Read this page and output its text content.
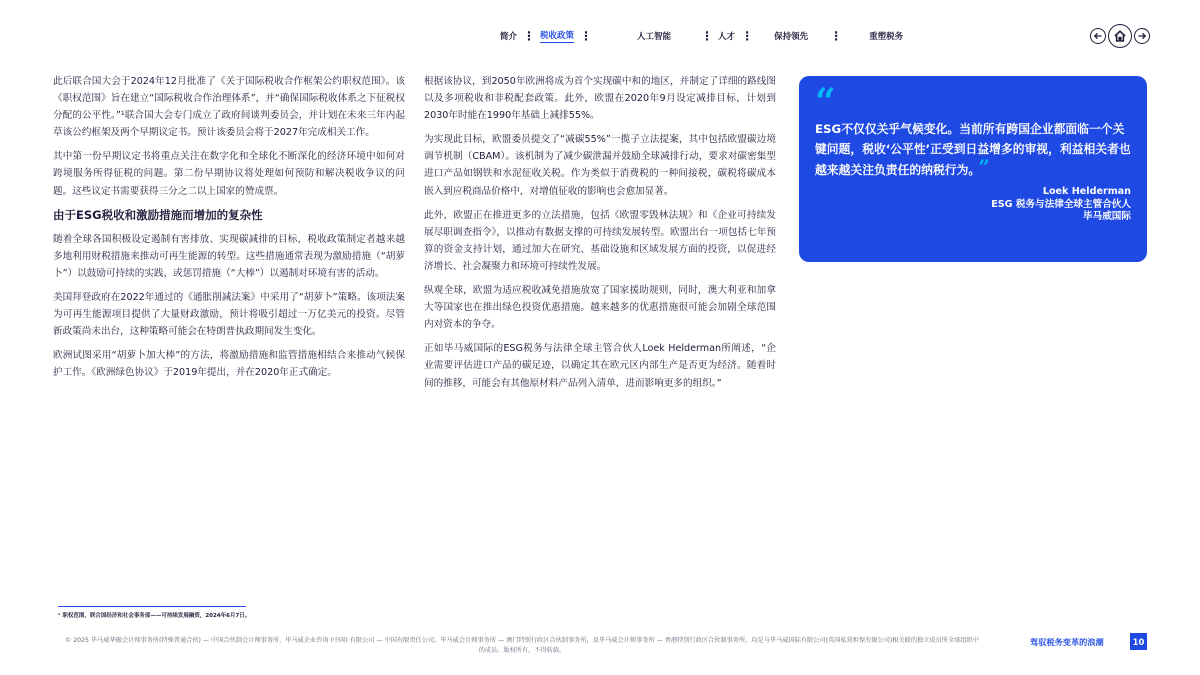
简介 ⋮ 税收政策 ⋮	人工智能	⋮ 人才 ⋮	保持领先 ⋮	重塑税务

此后联合国大会于2024年12月批准了《关于国际税收合作框架公约职权范围》。该《职权范围》旨在建立“国际税收合作治理体系”，并“确保国际税收体系之下征税权分配的公平性。”¹联合国大会专门成立了政府间谈判委员会，并计划在未来三年内起草该公约框架及两个早期议定书。预计该委员会将于2027年完成相关工作。

其中第一份早期议定书将重点关注在数字化和全球化不断深化的经济环境中如何对跨境服务所得征税的问题。第二份早期协议将处理如何预防和解决税收争议的问题。这些议定书需要获得三分之二以上国家的赞成票。

由于ESG税收和激励措施而增加的复杂性

随着全球各国积极设定遏制有害排放、实现碳减排的目标，税收政策制定者越来越多地利用财税措施来推动可再生能源的转型。这些措施通常表现为激励措施（“胡萝卜”）以鼓励可持续的实践，或惩罚措施（“大棒”）以遏制对环境有害的活动。

美国拜登政府在2022年通过的《通胀削减法案》中采用了“胡萝卜”策略。该项法案为可再生能源项目提供了大量财政激励，预计将吸引超过一万亿美元的投资。尽管新政策尚未出台，这种策略可能会在特朗普执政期间发生变化。

欧洲试图采用“胡萝卜加大棒”的方法，将激励措施和监管措施相结合来推动气候保护工作。《欧洲绿色协议》于2019年提出，并在2020年正式确定。

根据该协议，到2050年欧洲将成为首个实现碳中和的地区，并制定了详细的路线图以及多项税收和非税配套政策。此外，欧盟在2020年9月设定减排目标，计划到2030年时能在1990年基础上减排55%。

为实现此目标，欧盟委员提交了“减碳55%”一揽子立法提案，其中包括欧盟碳边境调节机制（CBAM）。该机制为了减少碳泄漏并鼓励全球减排行动，要求对碳密集型进口产品如钢铁和水泥征收关税。作为类似于消费税的一种间接税，碳税将碳成本嵌入到应税商品价格中，对增值征收的影响也会愈加显著。

此外，欧盟正在推进更多的立法措施，包括《欧盟零毁林法规》和《企业可持续发展尽职调查指令》，以推动有数据支撑的可持续发展转型。欧盟出台一项包括七年预算的资金支持计划，通过加大在研究、基础设施和区域发展方面的投资，以促进经济增长、社会凝聚力和环境可持续性发展。

纵观全球，欧盟为适应税收减免措施放宽了国家援助规则，同时，澳大利亚和加拿大等国家也在推出绿色投资优惠措施。越来越多的优惠措施很可能会加剧全球范围内对资本的争夺。

正如毕马威国际的ESG税务与法律全球主管合伙人Loek Helderman所阐述，“企业需要评估进口产品的碳足迹，以确定其在欧元区内部生产是否更为经济。随着时间的推移，可能会有其他原材料产品列入清单，进而影响更多的组织。”

“
ESG不仅仅关乎气候变化。当前所有跨国企业都面临一个关键问题，税收‘公平性’正受到日益增多的审视，利益相关者也越来越关注负责任的纳税行为。 ”
Loek Helderman
ESG 税务与法律全球主管合伙人
毕马威国际
¹ 职权范围，联合国经济和社会事务部——可持续发展融资，2024年6月7日。
© 2025 毕马威华振会计师事务所(特殊普通合伙) — 中国合伙制会计师事务所，毕马威企业咨询 (中国) 有限公司 — 中国有限责任公司，毕马威会计师事务所 — 澳门特别行政区合伙制事务所，及毕马威会计师事务所 — 香港特别行政区合伙制事务所，均是与毕马威国际有限公司(英国私营担保有限公司)相关联的独立成员所全球组织中的成员。版权所有，不得转载。
驾驭税务变革的浪潮	10
